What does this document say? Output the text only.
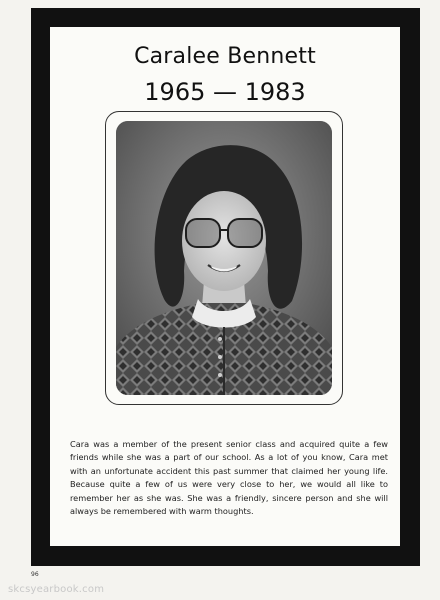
Caralee Bennett
1965 — 1983
Cara was a member of the present senior class and acquired quite a few friends while she was a part of our school. As a lot of you know, Cara met with an unfortunate accident this past summer that claimed her young life. Because quite a few of us were very close to her, we would all like to remember her as she was. She was a friendly, sincere person and she will always be remembered with warm thoughts.
96
skcsyearbook.com
